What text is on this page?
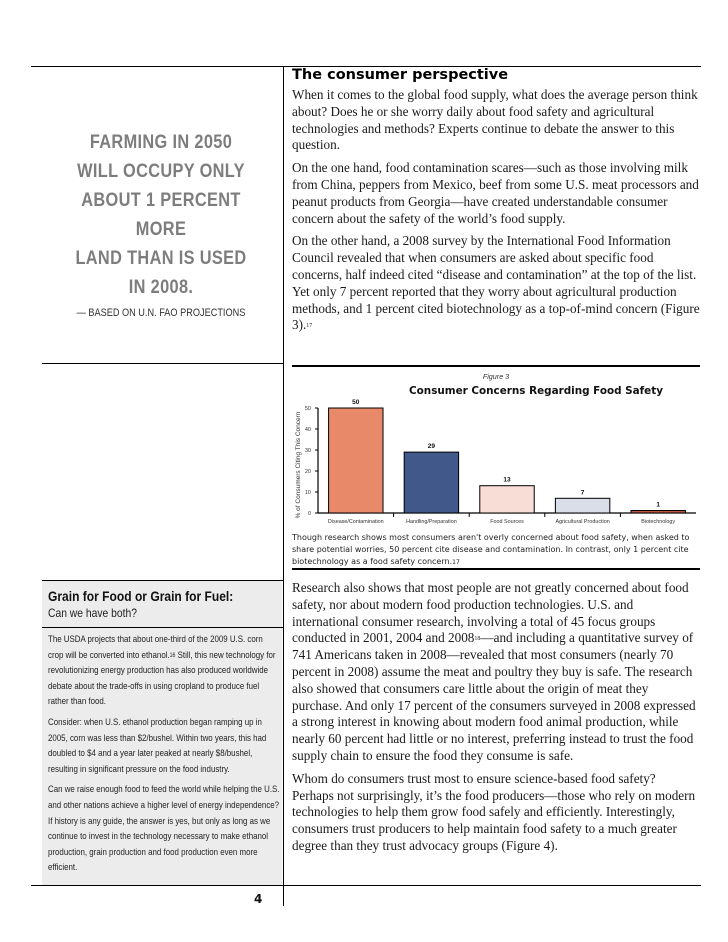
FARMING IN 2050
WILL OCCUPY ONLY
ABOUT 1 PERCENT MORE
LAND THAN IS USED
IN 2008.
— BASED ON U.N. FAO PROJECTIONS
The consumer perspective

When it comes to the global food supply, what does the average person think about? Does he or she worry daily about food safety and agricultural technologies and methods? Experts continue to debate the answer to this question.

On the one hand, food contamination scares—such as those involving milk from China, peppers from Mexico, beef from some U.S. meat processors and peanut products from Georgia—have created understandable consumer concern about the safety of the world’s food supply.

On the other hand, a 2008 survey by the International Food Information Council revealed that when consumers are asked about specific food concerns, half indeed cited “disease and contamination” at the top of the list. Yet only 7 percent reported that they worry about agricultural production methods, and 1 percent cited biotechnology as a top-of-mind concern (Figure 3).$^{17}$

Figure 3
Consumer Concerns Regarding Food Safety
% of Consumers Citing This Concern 0
10
20
30
40
50
50
Disease/Contamination
29
Handling/Preparation
13
Food Sources
7
Agricultural Production
1
Biotechnology
Though research shows most consumers aren't overly concerned about food safety, when asked to share potential worries, 50 percent cite disease and contamination. In contrast, only 1 percent cite biotechnology as a food safety concern.$^{17}$

Research also shows that most people are not greatly concerned about food safety, nor about modern food production technologies. U.S. and international consumer research, involving a total of 45 focus groups conducted in 2001, 2004 and 2008$^{18}$—and including a quantitative survey of 741 Americans taken in 2008—revealed that most consumers (nearly 70 percent in 2008) assume the meat and poultry they buy is safe. The research also showed that consumers care little about the origin of meat they purchase. And only 17 percent of the consumers surveyed in 2008 expressed a strong interest in knowing about modern food animal production, while nearly 60 percent had little or no interest, preferring instead to trust the food supply chain to ensure the food they consume is safe.

Whom do consumers trust most to ensure science-based food safety? Perhaps not surprisingly, it’s the food producers—those who rely on modern technologies to help them grow food safely and efficiently. Interestingly, consumers trust producers to help maintain food safety to a much greater degree than they trust advocacy groups (Figure 4).

Grain for Food or Grain for Fuel:
Can we have both?

The USDA projects that about one-third of the 2009 U.S. corn crop will be converted into ethanol.$^{16}$ Still, this new technology for revolutionizing energy production has also produced worldwide debate about the trade-offs in using cropland to produce fuel rather than food.

Consider: when U.S. ethanol production began ramping up in 2005, corn was less than $2/bushel. Within two years, this had doubled to $4 and a year later peaked at nearly $8/bushel, resulting in significant pressure on the food industry.

Can we raise enough food to feed the world while helping the U.S. and other nations achieve a higher level of energy independence? If history is any guide, the answer is yes, but only as long as we continue to invest in the technology necessary to make ethanol production, grain production and food production even more efficient.

4
